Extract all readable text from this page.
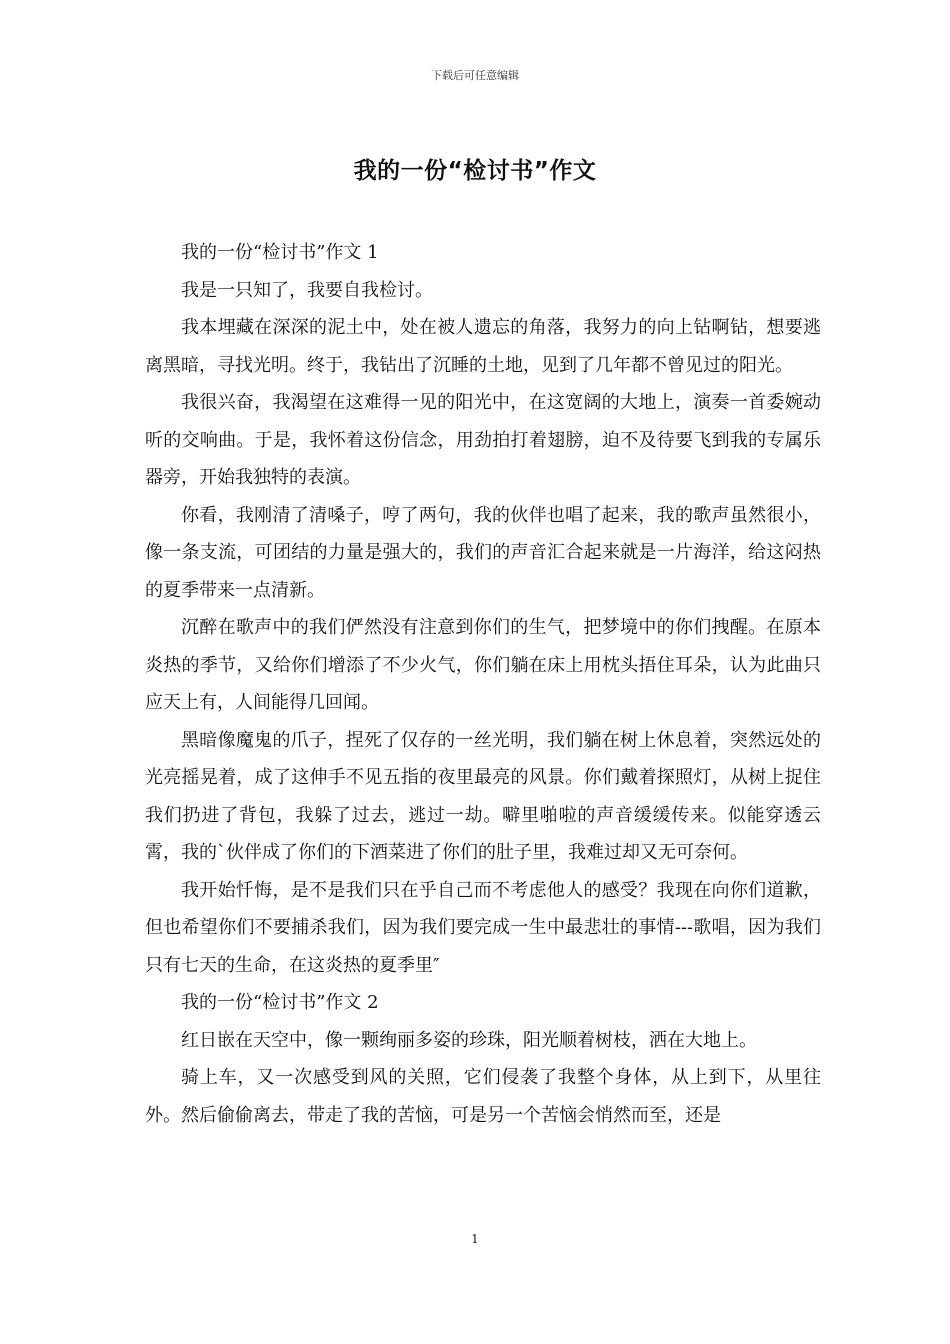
下载后可任意编辑
我的一份“检讨书”作文

我的一份“检讨书”作文 1

我是一只知了，我要自我检讨。

我本埋藏在深深的泥土中，处在被人遗忘的角落，我努力的向上钻啊钻，想要逃离黑暗，寻找光明。终于，我钻出了沉睡的土地，见到了几年都不曾见过的阳光。

我很兴奋，我渴望在这难得一见的阳光中，在这宽阔的大地上，演奏一首委婉动听的交响曲。于是，我怀着这份信念，用劲拍打着翅膀，迫不及待要飞到我的专属乐器旁，开始我独特的表演。

你看，我刚清了清嗓子，哼了两句，我的伙伴也唱了起来，我的歌声虽然很小，像一条支流，可团结的力量是强大的，我们的声音汇合起来就是一片海洋，给这闷热的夏季带来一点清新。

沉醉在歌声中的我们俨然没有注意到你们的生气，把梦境中的你们拽醒。在原本炎热的季节，又给你们增添了不少火气，你们躺在床上用枕头捂住耳朵，认为此曲只应天上有，人间能得几回闻。

黑暗像魔鬼的爪子，捏死了仅存的一丝光明，我们躺在树上休息着，突然远处的光亮摇晃着，成了这伸手不见五指的夜里最亮的风景。你们戴着探照灯，从树上捉住我们扔进了背包，我躲了过去，逃过一劫。噼里啪啦的声音缓缓传来。似能穿透云霄，我的`伙伴成了你们的下酒菜进了你们的肚子里，我难过却又无可奈何。

我开始忏悔，是不是我们只在乎自己而不考虑他人的感受？我现在向你们道歉，但也希望你们不要捕杀我们，因为我们要完成一生中最悲壮的事情---歌唱，因为我们只有七天的生命，在这炎热的夏季里″

我的一份“检讨书”作文 2

红日嵌在天空中，像一颗绚丽多姿的珍珠，阳光顺着树枝，洒在大地上。

骑上车，又一次感受到风的关照，它们侵袭了我整个身体，从上到下，从里往外。然后偷偷离去，带走了我的苦恼，可是另一个苦恼会悄然而至，还是

1
